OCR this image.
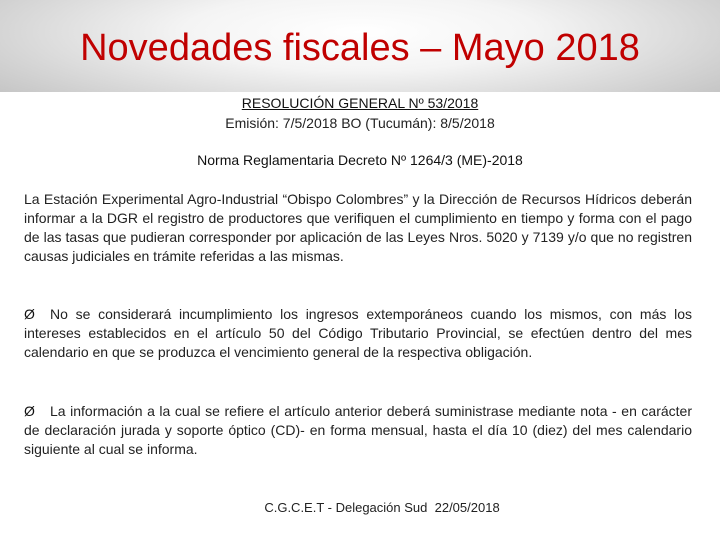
Novedades fiscales – Mayo 2018
RESOLUCIÓN GENERAL Nº 53/2018
Emisión: 7/5/2018 BO (Tucumán): 8/5/2018
Norma Reglamentaria Decreto Nº 1264/3 (ME)-2018

La Estación Experimental Agro-Industrial “Obispo Colombres” y la Dirección de Recursos Hídricos deberán informar a la DGR el registro de productores que verifiquen el cumplimiento en tiempo y forma con el pago de las tasas que pudieran corresponder por aplicación de las Leyes Nros. 5020 y 7139 y/o que no registren causas judiciales en trámite referidas a las mismas.

Ø No se considerará incumplimiento los ingresos extemporáneos cuando los mismos, con más los intereses establecidos en el artículo 50 del Código Tributario Provincial, se efectúen dentro del mes calendario en que se produzca el vencimiento general de la respectiva obligación.

Ø La información a la cual se refiere el artículo anterior deberá suministrase mediante nota - en carácter de declaración jurada y soporte óptico (CD)- en forma mensual, hasta el día 10 (diez) del mes calendario siguiente al cual se informa.

C.G.C.E.T - Delegación Sud  22/05/2018
